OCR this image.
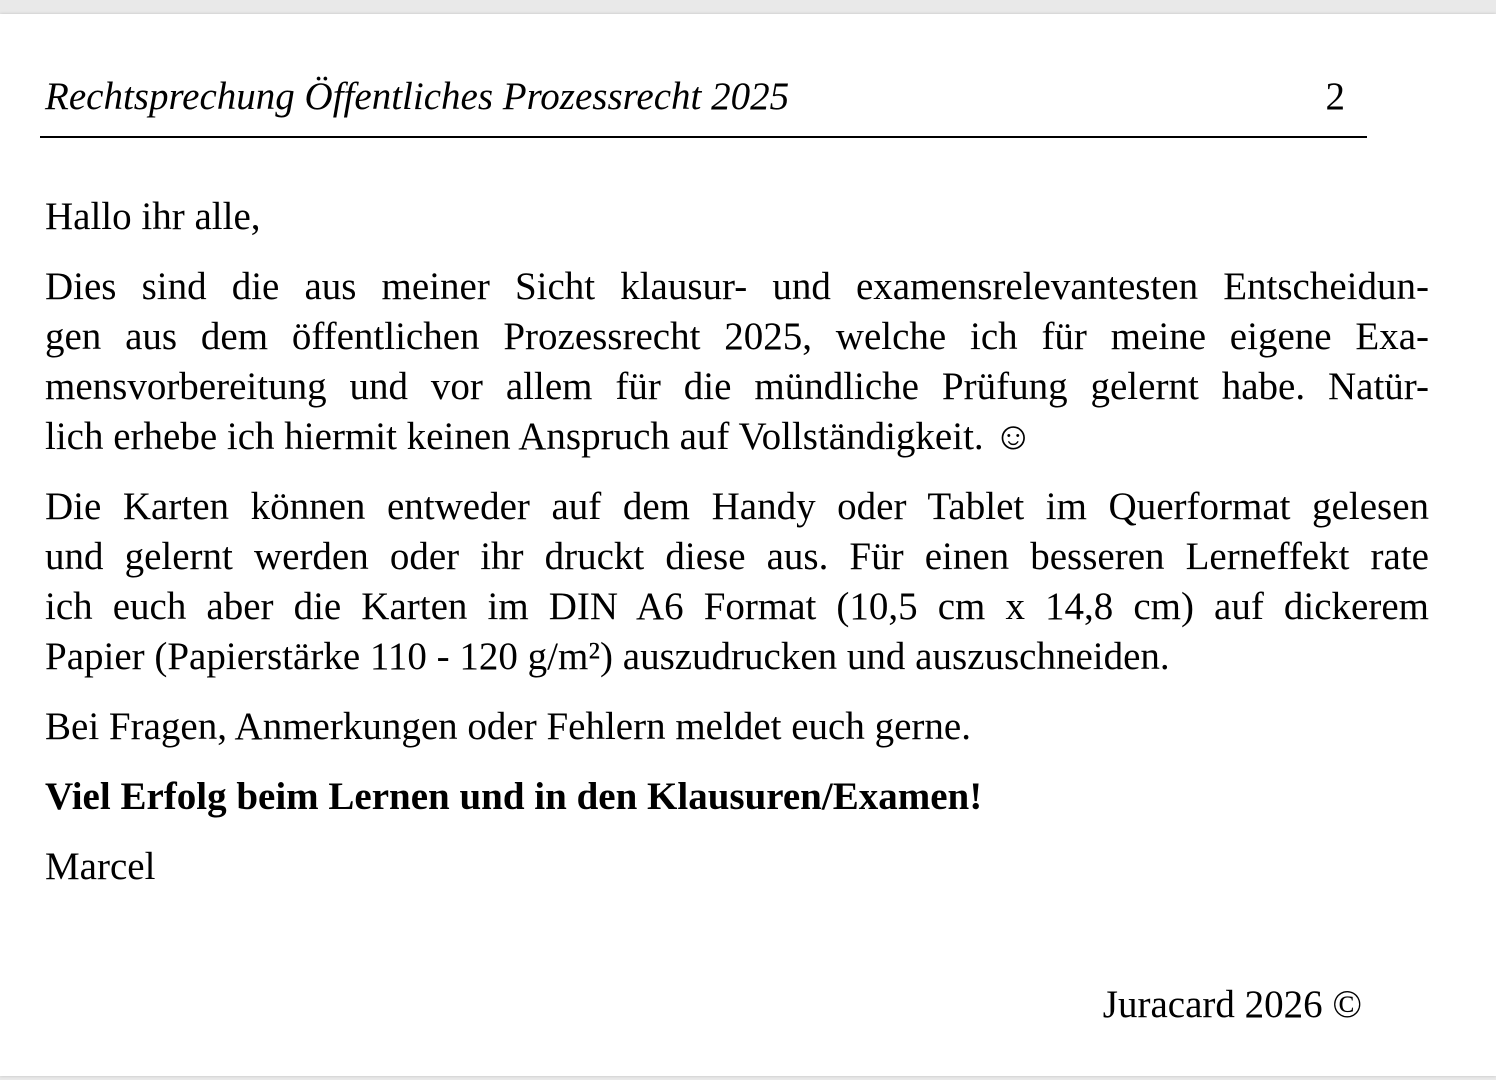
Rechtsprechung Öffentliches Prozessrecht 2025	2

Hallo ihr alle,

Dies sind die aus meiner Sicht klausur- und examensrelevantesten Entscheidun-
gen aus dem öffentlichen Prozessrecht 2025, welche ich für meine eigene Exa-
mensvorbereitung und vor allem für die mündliche Prüfung gelernt habe. Natür-
lich erhebe ich hiermit keinen Anspruch auf Vollständigkeit. ☺

Die Karten können entweder auf dem Handy oder Tablet im Querformat gelesen
und gelernt werden oder ihr druckt diese aus. Für einen besseren Lerneffekt rate
ich euch aber die Karten im DIN A6 Format (10,5 cm x 14,8 cm) auf dickerem
Papier (Papierstärke 110 - 120 g/m²) auszudrucken und auszuschneiden.

Bei Fragen, Anmerkungen oder Fehlern meldet euch gerne.

Viel Erfolg beim Lernen und in den Klausuren/Examen!

Marcel

Juracard 2026 ©
